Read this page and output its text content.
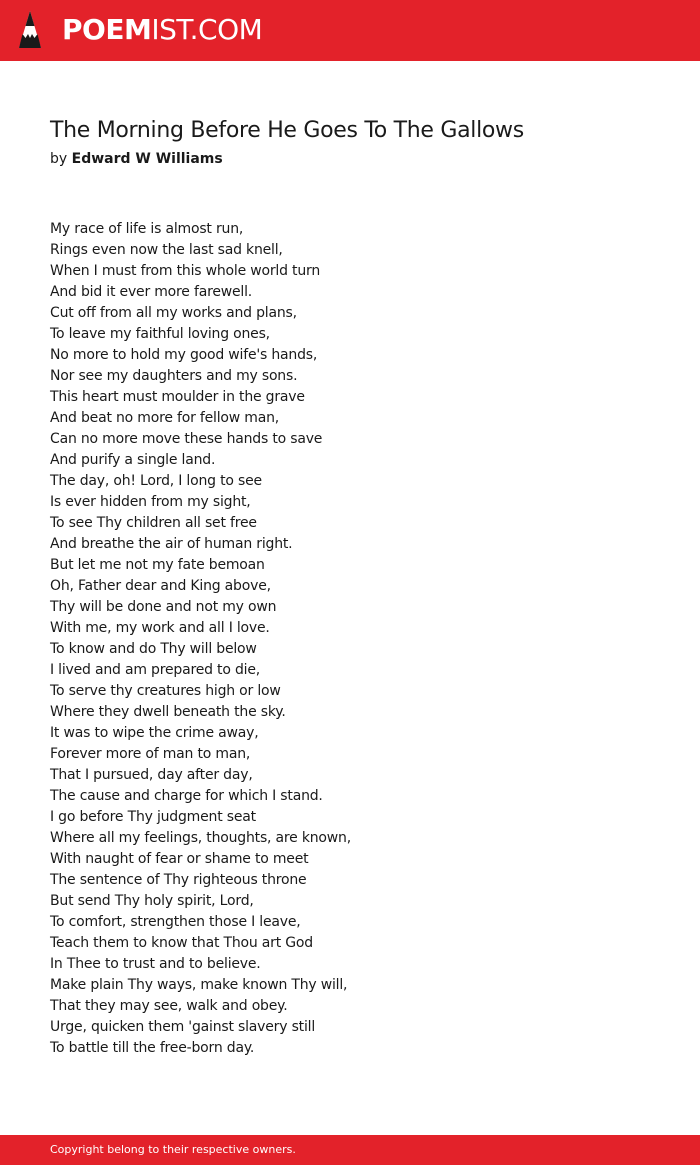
POEMIST.COM
The Morning Before He Goes To The Gallows
by Edward W Williams
My race of life is almost run,
Rings even now the last sad knell,
When I must from this whole world turn
And bid it ever more farewell.
Cut off from all my works and plans,
To leave my faithful loving ones,
No more to hold my good wife's hands,
Nor see my daughters and my sons.
This heart must moulder in the grave
And beat no more for fellow man,
Can no more move these hands to save
And purify a single land.
The day, oh! Lord, I long to see
Is ever hidden from my sight,
To see Thy children all set free
And breathe the air of human right.
But let me not my fate bemoan
Oh, Father dear and King above,
Thy will be done and not my own
With me, my work and all I love.
To know and do Thy will below
I lived and am prepared to die,
To serve thy creatures high or low
Where they dwell beneath the sky.
It was to wipe the crime away,
Forever more of man to man,
That I pursued, day after day,
The cause and charge for which I stand.
I go before Thy judgment seat
Where all my feelings, thoughts, are known,
With naught of fear or shame to meet
The sentence of Thy righteous throne
But send Thy holy spirit, Lord,
To comfort, strengthen those I leave,
Teach them to know that Thou art God
In Thee to trust and to believe.
Make plain Thy ways, make known Thy will,
That they may see, walk and obey.
Urge, quicken them 'gainst slavery still
To battle till the free-born day.
Copyright belong to their respective owners.
